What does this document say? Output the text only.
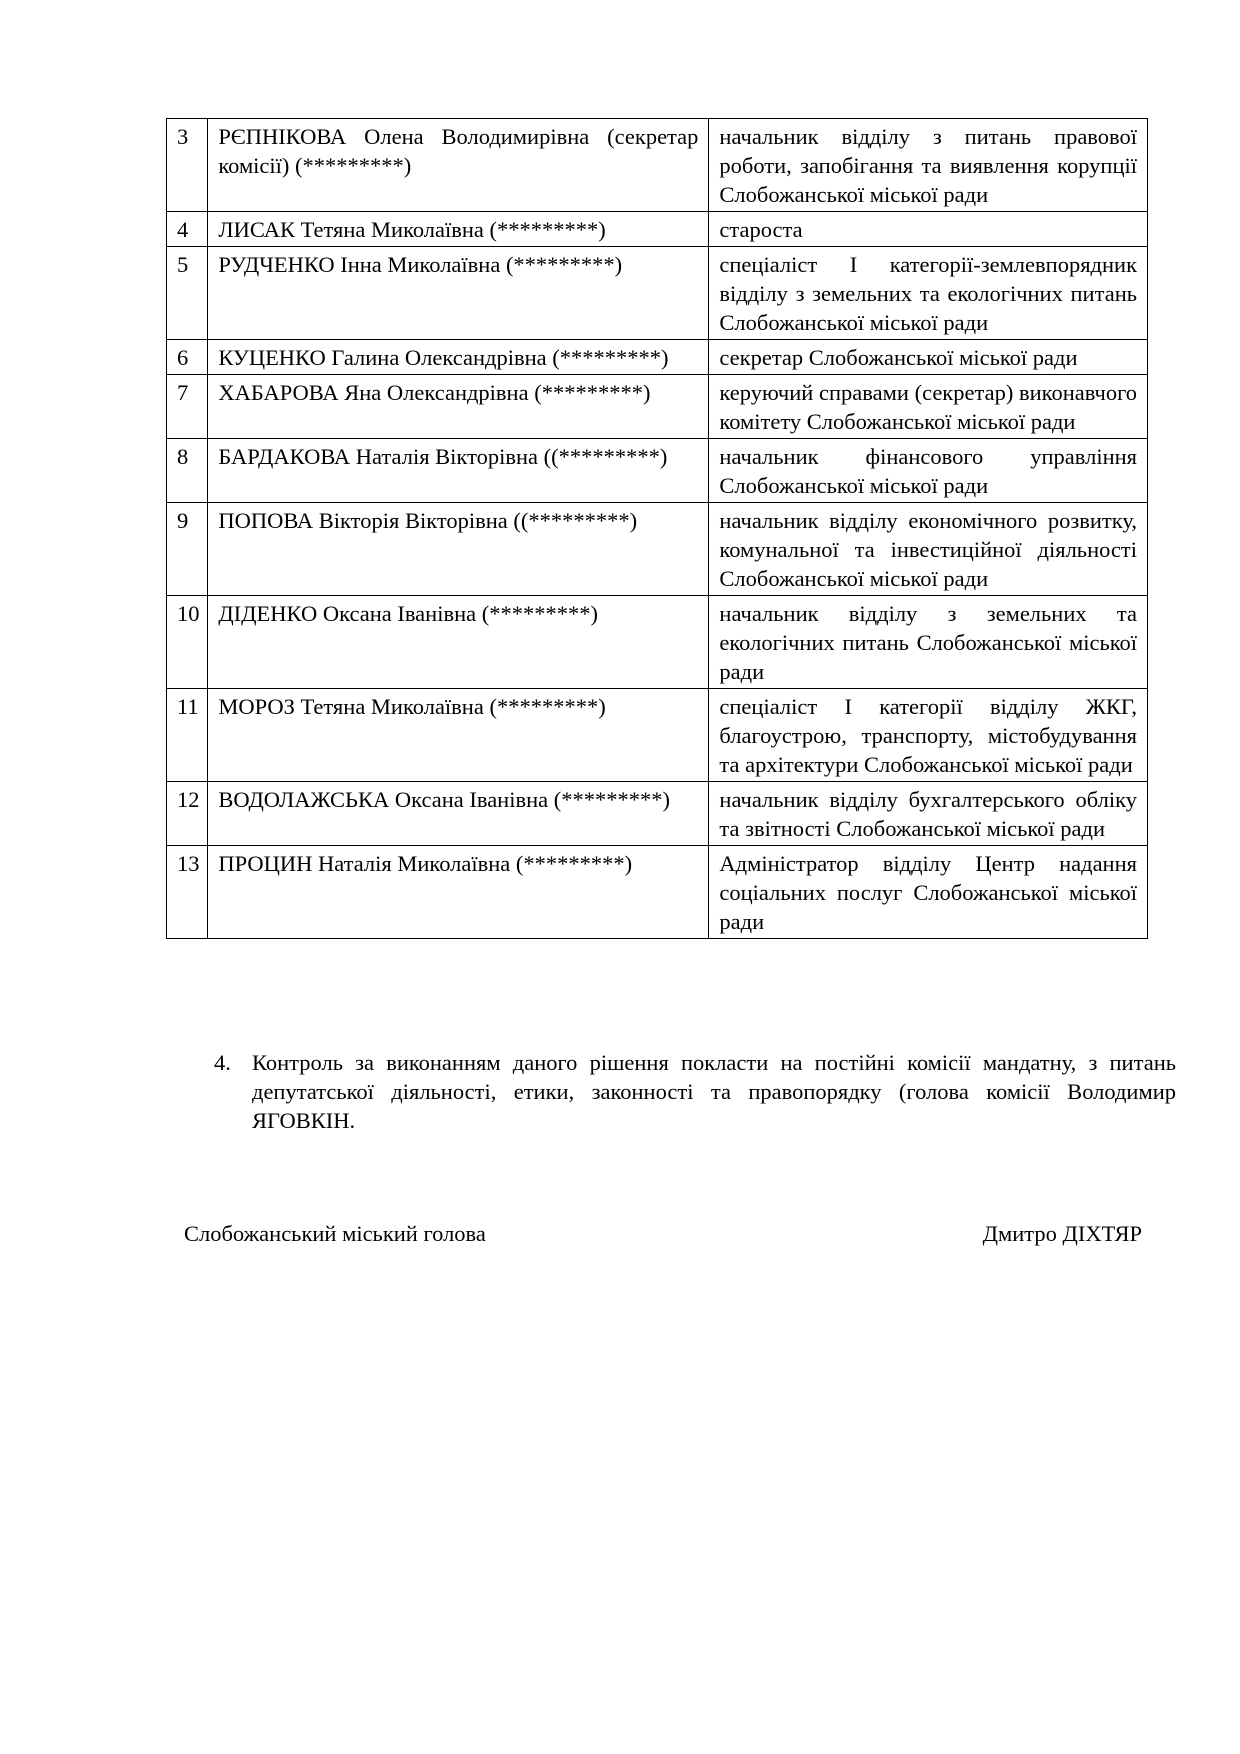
3	РЄПНІКОВА Олена Володимирівна (секретар комісії) (*********)	начальник відділу з питань правової роботи, запобігання та виявлення корупції Слобожанської міської ради
4	ЛИСАК Тетяна Миколаївна (*********)	староста
5	РУДЧЕНКО Інна Миколаївна (*********)	спеціаліст І категорії-землевпорядник відділу з земельних та екологічних питань Слобожанської міської ради
6	КУЦЕНКО Галина Олександрівна (*********)	секретар Слобожанської міської ради
7	ХАБАРОВА Яна Олександрівна (*********)	керуючий справами (секретар) виконавчого комітету Слобожанської міської ради
8	БАРДАКОВА Наталія Вікторівна ((*********)	начальник фінансового управління Слобожанської міської ради
9	ПОПОВА Вікторія Вікторівна ((*********)	начальник відділу економічного розвитку, комунальної та інвестиційної діяльності Слобожанської міської ради
10	ДІДЕНКО Оксана Іванівна (*********)	начальник відділу з земельних та екологічних питань Слобожанської міської ради
11	МОРОЗ Тетяна Миколаївна (*********)	спеціаліст І категорії відділу ЖКГ, благоустрою, транспорту, містобудування та архітектури Слобожанської міської ради
12	ВОДОЛАЖСЬКА Оксана Іванівна (*********)	начальник відділу бухгалтерського обліку та звітності Слобожанської міської ради
13	ПРОЦИН Наталія Миколаївна (*********)	Адміністратор відділу Центр надання соціальних послуг Слобожанської міської ради
4. Контроль за виконанням даного рішення покласти на постійні комісії мандатну, з питань депутатської діяльності, етики, законності та правопорядку (голова комісії Володимир ЯГОВКІН.
Слобожанський міський голова	Дмитро ДІХТЯР
